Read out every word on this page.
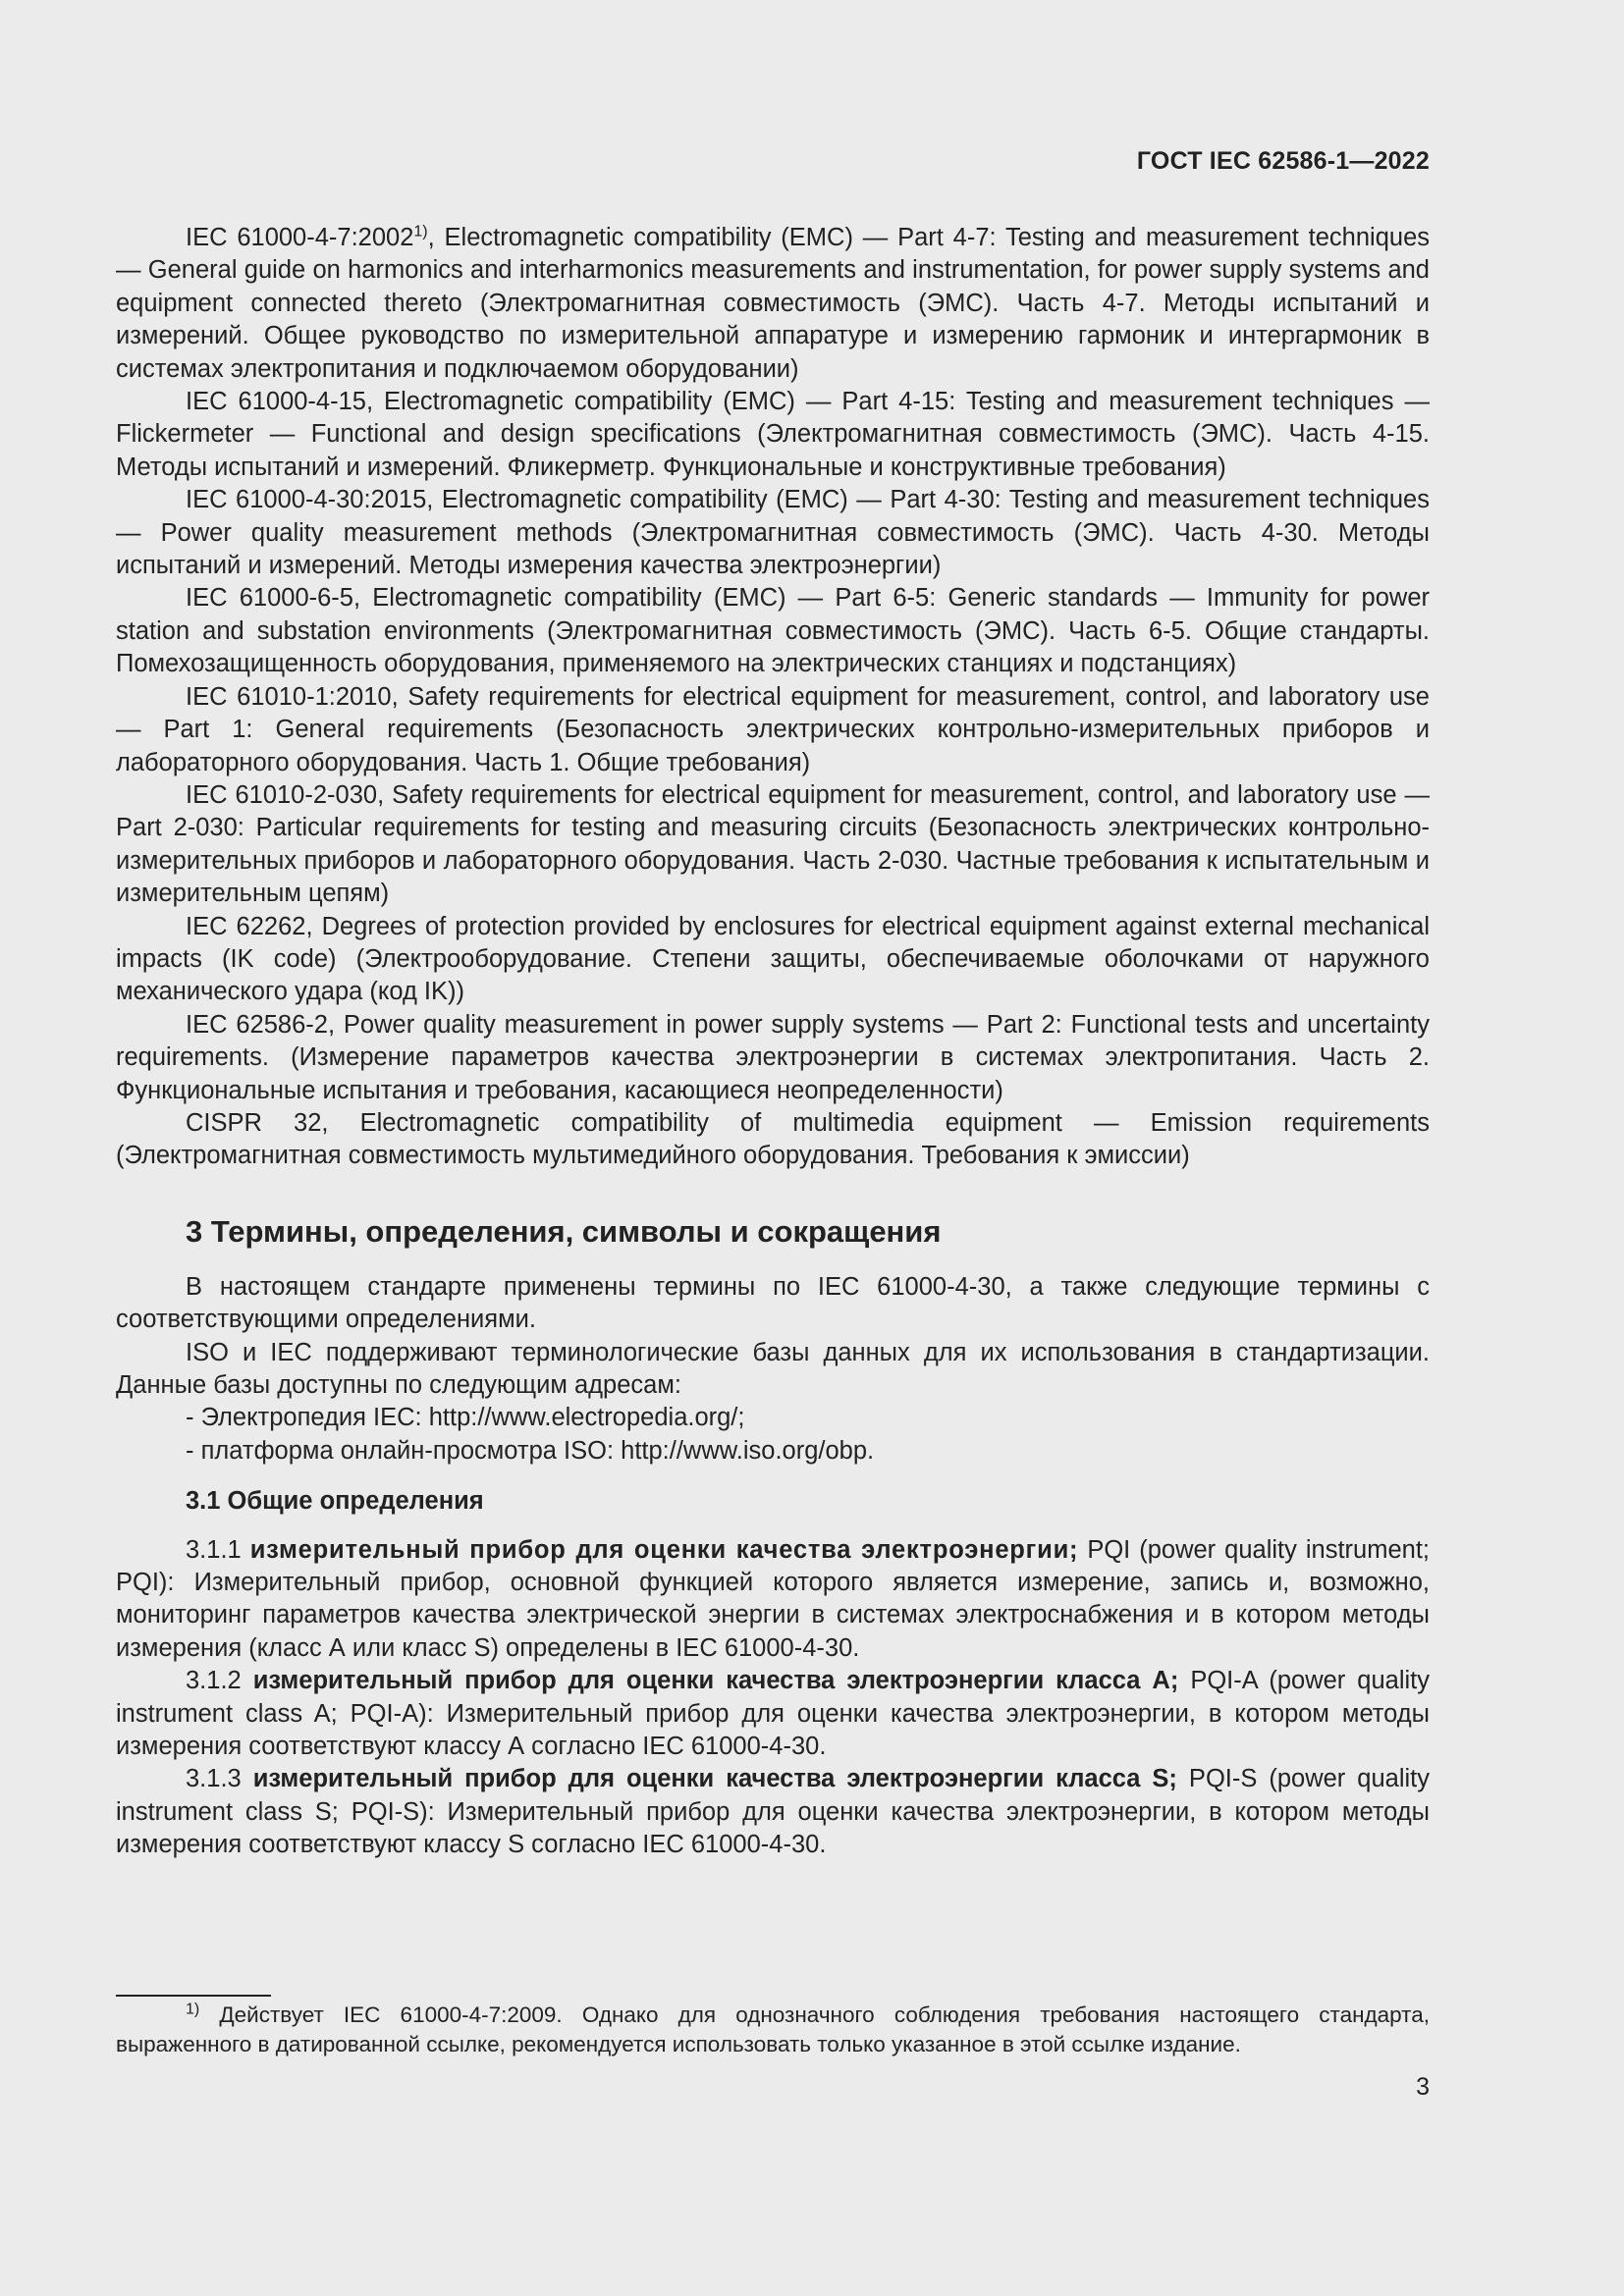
ГОСТ IEC 62586-1—2022

IEC 61000-4-7:2002$^{1)}$, Electromagnetic compatibility (EMC) — Part 4-7: Testing and measurement techniques — General guide on harmonics and interharmonics measurements and instrumentation, for power supply systems and equipment connected thereto (Электромагнитная совместимость (ЭМС). Часть 4-7. Методы испытаний и измерений. Общее руководство по измерительной аппаратуре и измерению гармоник и интергармоник в системах электропитания и подключаемом оборудовании)

IEC 61000-4-15, Electromagnetic compatibility (EMC) — Part 4-15: Testing and measurement techniques — Flickermeter — Functional and design specifications (Электромагнитная совместимость (ЭМС). Часть 4-15. Методы испытаний и измерений. Фликерметр. Функциональные и конструктивные требования)

IEC 61000-4-30:2015, Electromagnetic compatibility (EMC) — Part 4-30: Testing and measurement techniques — Power quality measurement methods (Электромагнитная совместимость (ЭМС). Часть 4-30. Методы испытаний и измерений. Методы измерения качества электроэнергии)

IEC 61000-6-5, Electromagnetic compatibility (EMC) — Part 6-5: Generic standards — Immunity for power station and substation environments (Электромагнитная совместимость (ЭМС). Часть 6-5. Общие стандарты. Помехозащищенность оборудования, применяемого на электрических станциях и подстанциях)

IEC 61010-1:2010, Safety requirements for electrical equipment for measurement, control, and laboratory use — Part 1: General requirements (Безопасность электрических контрольно-измерительных приборов и лабораторного оборудования. Часть 1. Общие требования)

IEC 61010-2-030, Safety requirements for electrical equipment for measurement, control, and laboratory use — Part 2-030: Particular requirements for testing and measuring circuits (Безопасность электрических контрольно-измерительных приборов и лабораторного оборудования. Часть 2-030. Частные требования к испытательным и измерительным цепям)

IEC 62262, Degrees of protection provided by enclosures for electrical equipment against external mechanical impacts (IK code) (Электрооборудование. Степени защиты, обеспечиваемые оболочками от наружного механического удара (код IK))

IEC 62586-2, Power quality measurement in power supply systems — Part 2: Functional tests and uncertainty requirements. (Измерение параметров качества электроэнергии в системах электропитания. Часть 2. Функциональные испытания и требования, касающиеся неопределенности)

CISPR 32, Electromagnetic compatibility of multimedia equipment — Emission requirements (Электромагнитная совместимость мультимедийного оборудования. Требования к эмиссии)

3 Термины, определения, символы и сокращения

В настоящем стандарте применены термины по IEC 61000-4-30, а также следующие термины с соответствующими определениями.

ISO и IEC поддерживают терминологические базы данных для их использования в стандартизации. Данные базы доступны по следующим адресам:

- Электропедия IEC: http://www.electropedia.org/;
- платформа онлайн-просмотра ISO: http://www.iso.org/obp.
3.1 Общие определения

3.1.1 измерительный прибор для оценки качества электроэнергии; PQI (power quality instrument; PQI): Измерительный прибор, основной функцией которого является измерение, запись и, возможно, мониторинг параметров качества электрической энергии в системах электроснабжения и в котором методы измерения (класс А или класс S) определены в IEC 61000-4-30.

3.1.2 измерительный прибор для оценки качества электроэнергии класса А; PQI-A (power quality instrument class A; PQI-A): Измерительный прибор для оценки качества электроэнергии, в котором методы измерения соответствуют классу А согласно IEC 61000-4-30.

3.1.3 измерительный прибор для оценки качества электроэнергии класса S; PQI-S (power quality instrument class S; PQI-S): Измерительный прибор для оценки качества электроэнергии, в котором методы измерения соответствуют классу S согласно IEC 61000-4-30.

$^{1)}$ Действует IEC 61000-4-7:2009. Однако для однозначного соблюдения требования настоящего стандарта, выраженного в датированной ссылке, рекомендуется использовать только указанное в этой ссылке издание.

3
